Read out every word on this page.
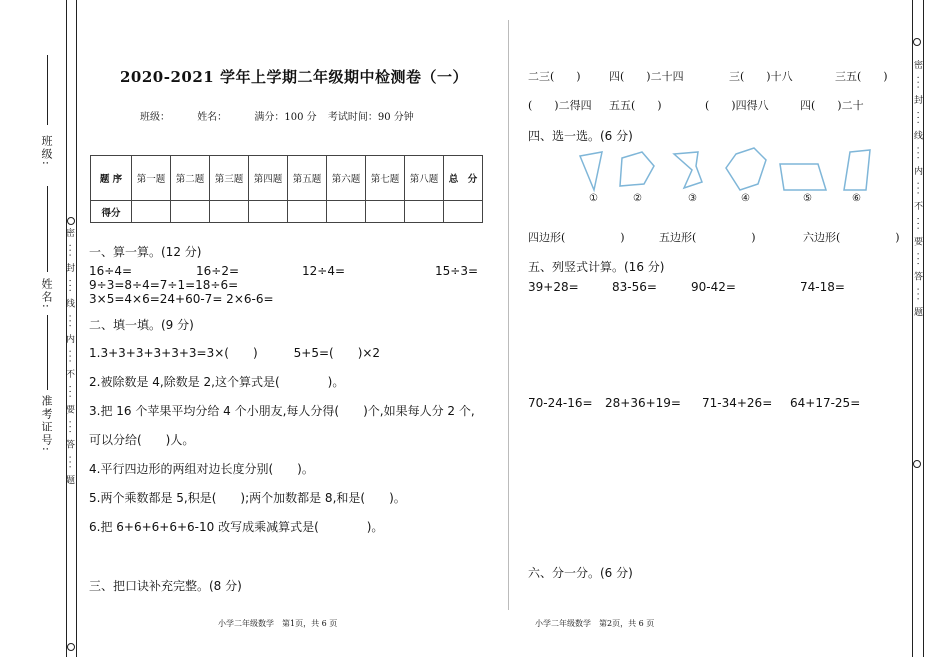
班级:
姓名:
准考证号: 密 ··· 封 ··· 线 ··· 内 ··· 不 ··· 要 ··· 答 ··· 题
密 ··· 封 ··· 线 ··· 内 ··· 不 ··· 要 ··· 答 ··· 题
2020-2021 学年上学期二年级期中检测卷（一）
班级：	姓名：	满分：100 分 考试时间：90 分钟
题 序	第一题	第二题	第三题	第四题	第五题	第六题	第七题	第八题	总　分
得分									
一、算一算。(12 分)
16÷4=	16÷2=	12÷4=	15÷3=
9÷3=8÷4=7÷1=18÷6=
3×5=4×6=24+60-7= 2×6-6=
二、填一填。(9 分)
1.3+3+3+3+3+3=3×(　　)　　　5+5=(　　)×2
2.被除数是 4,除数是 2,这个算式是(　　　　)。
3.把 16 个苹果平均分给 4 个小朋友,每人分得(　　)个,如果每人分 2 个,
可以分给(　　)人。
4.平行四边形的两组对边长度分别(　　)。
5.两个乘数都是 5,积是(　　);两个加数都是 8,和是(　　)。
6.把 6+6+6+6+6-10 改写成乘减算式是(　　　　)。
三、把口诀补充完整。(8 分)
小学二年级数学　第1页，共 6 页
二三(　　)	四(　　)二十四	三(　　)十八	三五(　　)
(　　)二得四 五五(　　)	(　　)四得八	四(　　)二十
四、选一选。(6 分)
①	②	③	④	⑤	⑥
四边形(　　　　　)	五边形(　　　　　)	六边形(　　　　　)
五、列竖式计算。(16 分)
39+28=	83-56=	90-42=	74-18=
70-24-16= 28+36+19= 71-34+26= 64+17-25=
六、分一分。(6 分)
小学二年级数学　第2页，共 6 页
